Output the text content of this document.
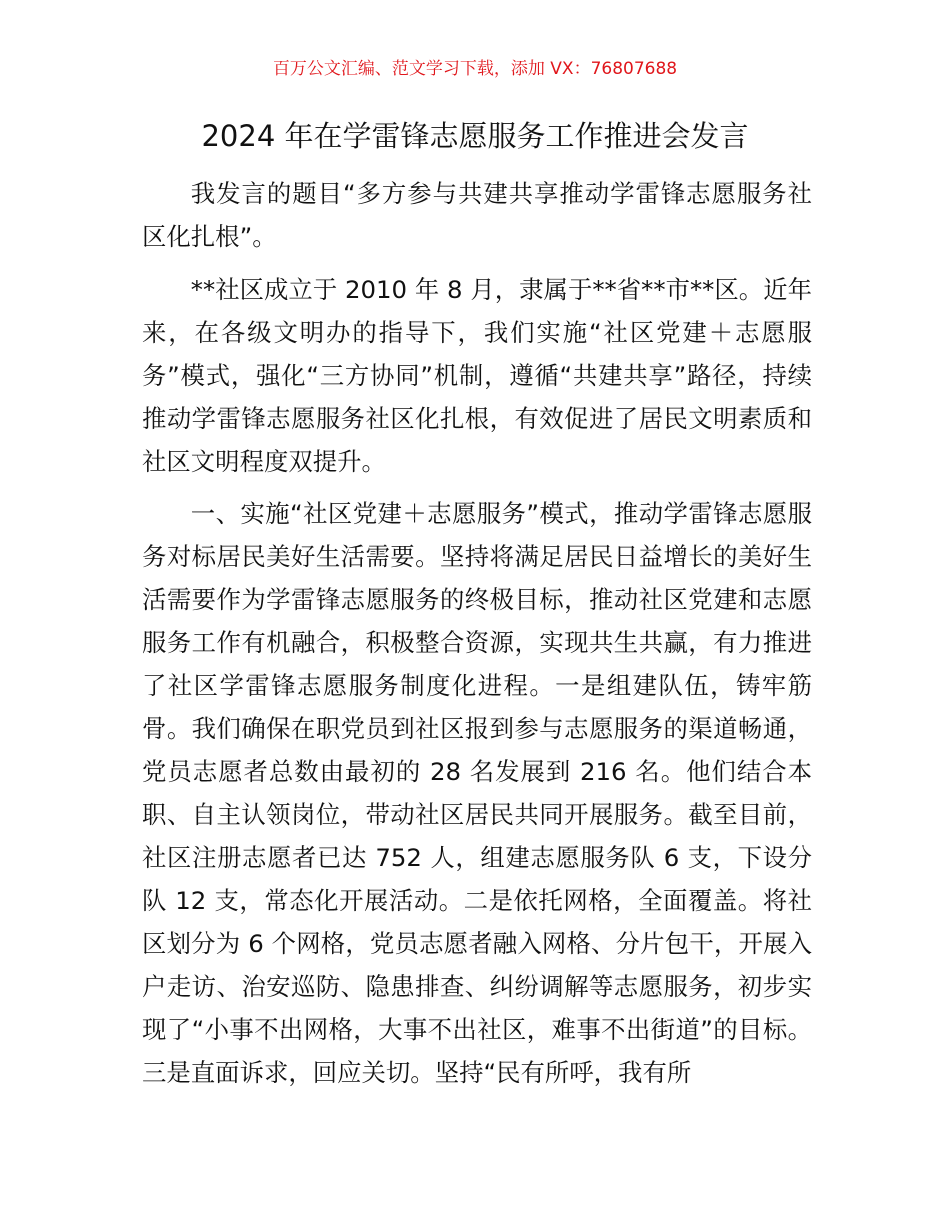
百万公文汇编、范文学习下载，添加 VX：76807688
2024 年在学雷锋志愿服务工作推进会发言

我发言的题目“多方参与共建共享推动学雷锋志愿服务社区化扎根”。

**社区成立于 2010 年 8 月，隶属于**省**市**区。近年来，在各级文明办的指导下，我们实施“社区党建＋志愿服务”模式，强化“三方协同”机制，遵循“共建共享”路径，持续推动学雷锋志愿服务社区化扎根，有效促进了居民文明素质和社区文明程度双提升。

一、实施“社区党建＋志愿服务”模式，推动学雷锋志愿服务对标居民美好生活需要。坚持将满足居民日益增长的美好生活需要作为学雷锋志愿服务的终极目标，推动社区党建和志愿服务工作有机融合，积极整合资源，实现共生共赢，有力推进了社区学雷锋志愿服务制度化进程。一是组建队伍，铸牢筋骨。我们确保在职党员到社区报到参与志愿服务的渠道畅通，党员志愿者总数由最初的 28 名发展到 216 名。他们结合本职、自主认领岗位，带动社区居民共同开展服务。截至目前，社区注册志愿者已达 752 人，组建志愿服务队 6 支，下设分队 12 支，常态化开展活动。二是依托网格，全面覆盖。将社区划分为 6 个网格，党员志愿者融入网格、分片包干，开展入户走访、治安巡防、隐患排查、纠纷调解等志愿服务，初步实现了“小事不出网格，大事不出社区，难事不出街道”的目标。三是直面诉求，回应关切。坚持“民有所呼，我有所
